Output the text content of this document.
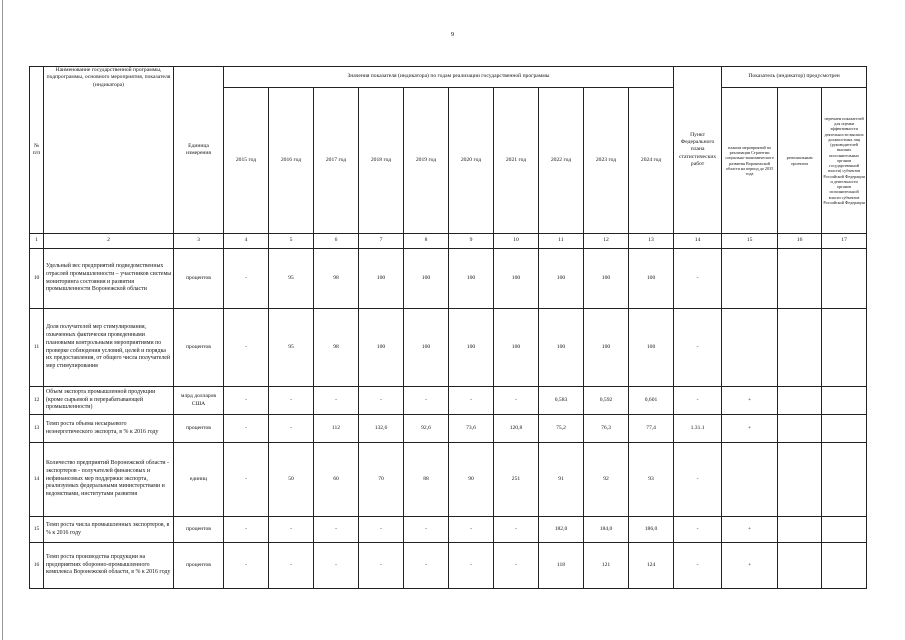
9
№
п/п	Наименование государственной программы, подпрограммы, основного мероприятия, показателя (индикатора)	Единица измерения	Значения показателя (индикатора) по годам реализации государственной программы										Пункт Федерального плана статистических работ	Показатель (индикатор) предусмотрен		
			2015 год	2016 год	2017 год	2018 год	2019 год	2020 год	2021 год	2022 год	2023 год	2024 год		планом мероприятий по реализации Стратегии социально-экономического развития Воронежской области на период до 2035 года	региональным проектом	перечнем показателей для оценки эффективности деятельности высших должностных лиц (руководителей высших исполнительных органов государственной власти) субъектов Российской Федерации и деятельности органов исполнительной власти субъектов Российской Федерации
1	2	3	4	5	6	7	8	9	10	11	12	13	14	15	16	17
10	Удельный вес предприятий подведомственных отраслей промышленности – участников системы мониторинга состояния и развития промышленности Воронежской области	процентов	-	95	98	100	100	100	100	100	100	100	-			
11	Доля получателей мер стимулирования, охваченных фактически проведенными плановыми контрольными мероприятиями по проверке соблюдения условий, целей и порядка их предоставления, от общего числа получателей мер стимулирования	процентов	-	95	98	100	100	100	100	100	100	100	-			
12	Объем экспорта промышленной продукции (кроме сырьевой и перерабатывающей промышленности)	млрд долларов США	-	-	-	-	-	-	-	0,583	0,592	0,601	-	+		
13	Темп роста объема несырьевого неэнергетического экспорта, в % к 2016 году	процентов	-	-	112	132,6	92,6	73,6	120,8	75,2	76,3	77,4	1.31.1	+		
14	Количество предприятий Воронежской области - экспортеров - получателей финансовых и нефинансовых мер поддержки экспорта, реализуемых федеральными министерствами и ведомствами, институтами развития	единиц	-	50	60	70	88	90	251	91	92	93	-			
15	Темп роста числа промышленных экспортеров, в % к 2016 году	процентов	-	-	-	-	-	-	-	182,0	184,0	186,0	-	+		
16	Темп роста производства продукции на предприятиях оборонно-промышленного комплекса Воронежской области, в % к 2016 году	процентов	-	-	-	-	-	-	-	118	121	124	-	+		
